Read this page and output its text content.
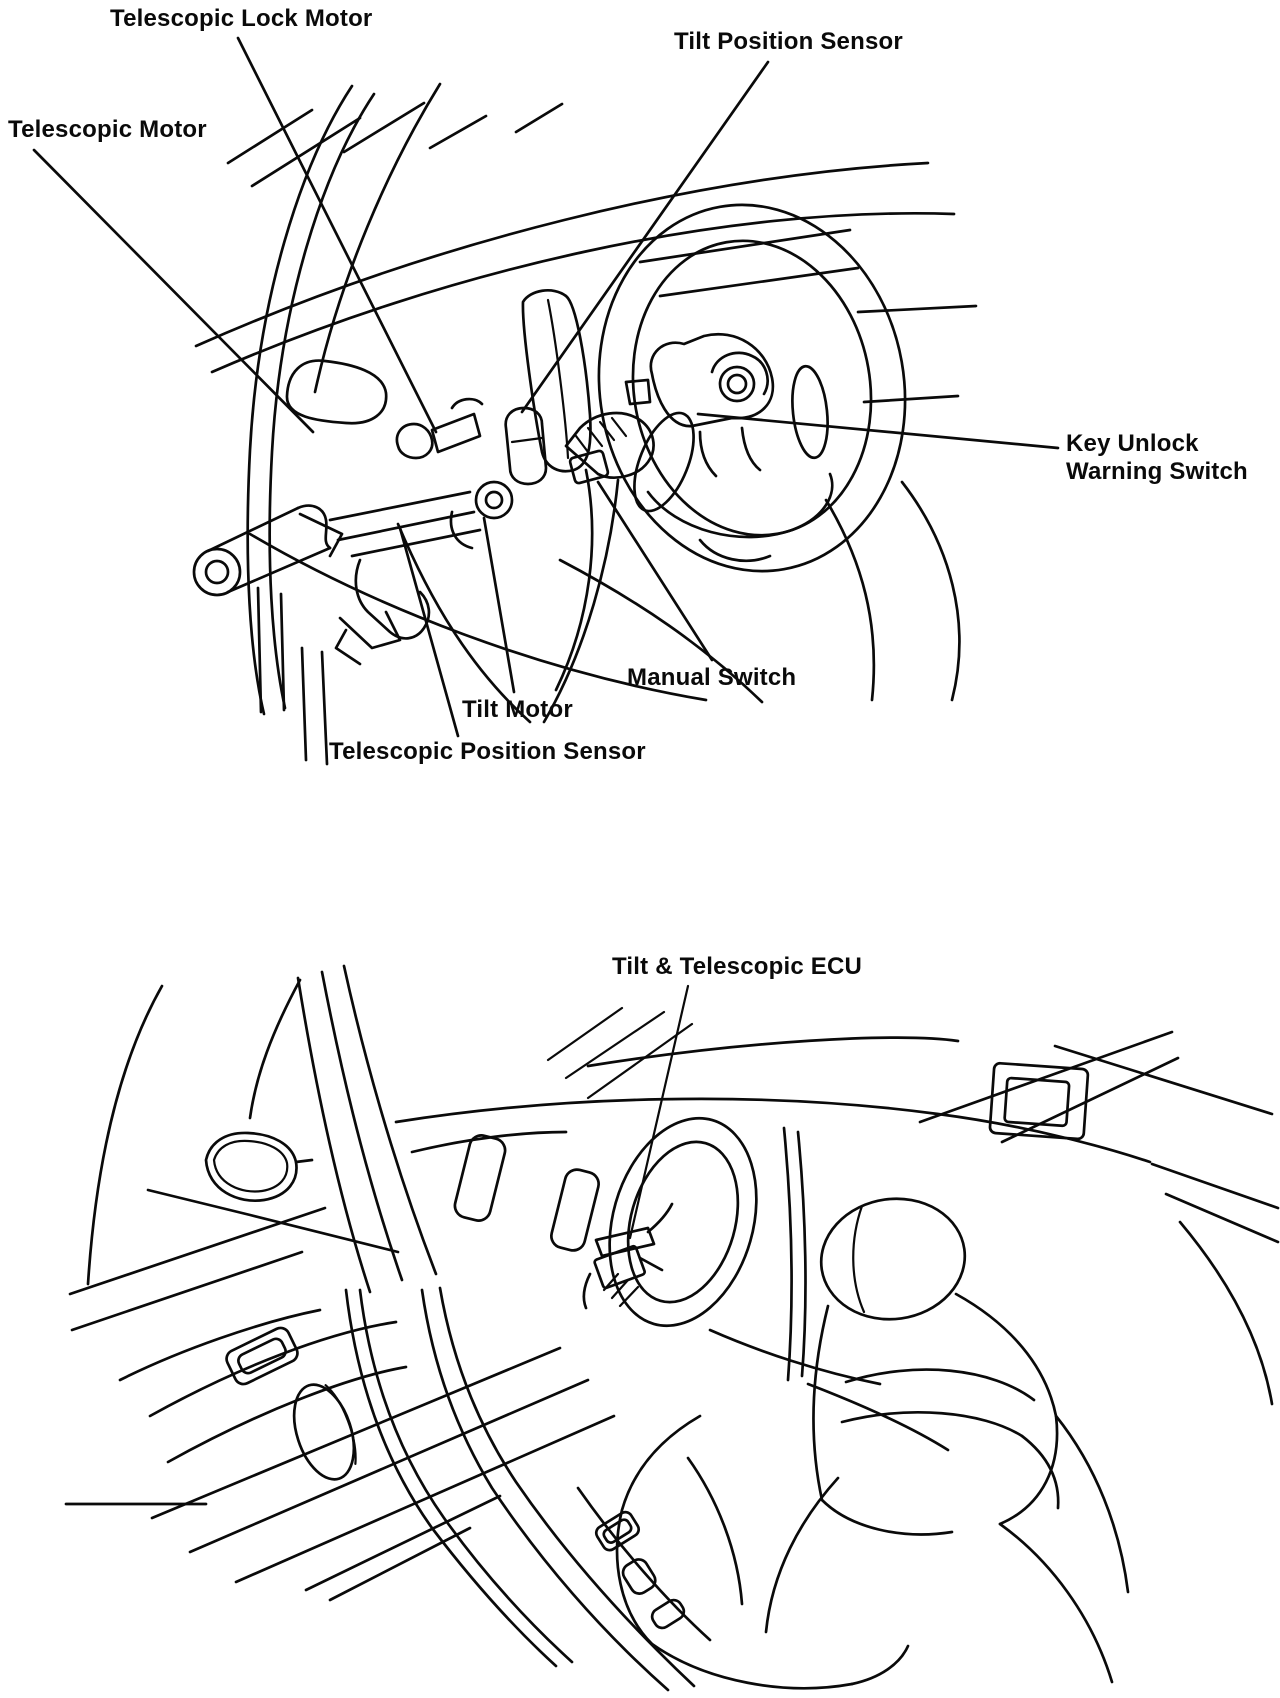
Telescopic Lock Motor
Tilt Position Sensor
Telescopic Motor
Key Unlock
Warning Switch
Manual Switch
Tilt Motor
Telescopic Position Sensor
Tilt & Telescopic ECU
